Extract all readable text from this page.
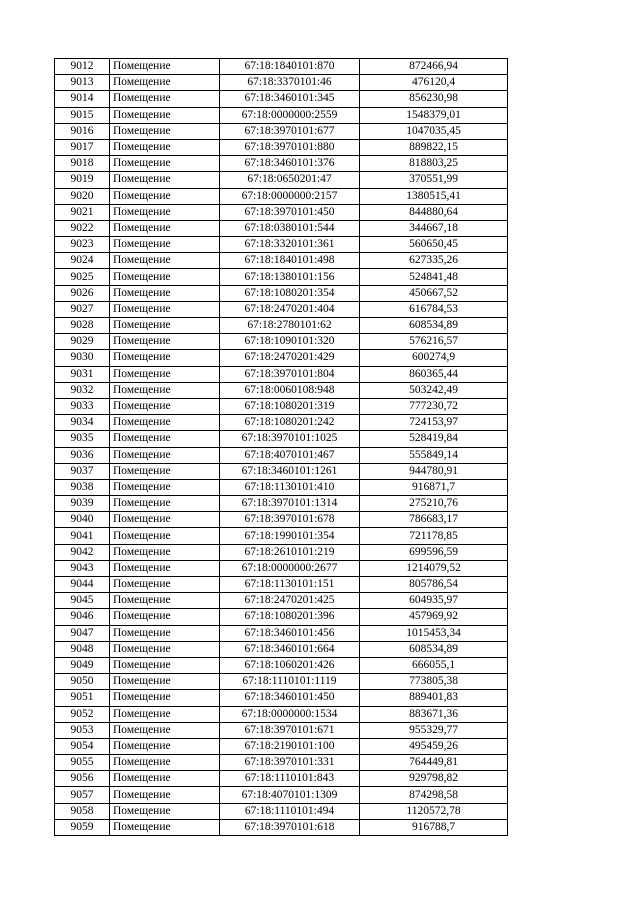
9012	Помещение	67:18:1840101:870	872466,94
9013	Помещение	67:18:3370101:46	476120,4
9014	Помещение	67:18:3460101:345	856230,98
9015	Помещение	67:18:0000000:2559	1548379,01
9016	Помещение	67:18:3970101:677	1047035,45
9017	Помещение	67:18:3970101:880	889822,15
9018	Помещение	67:18:3460101:376	818803,25
9019	Помещение	67:18:0650201:47	370551,99
9020	Помещение	67:18:0000000:2157	1380515,41
9021	Помещение	67:18:3970101:450	844880,64
9022	Помещение	67:18:0380101:544	344667,18
9023	Помещение	67:18:3320101:361	560650,45
9024	Помещение	67:18:1840101:498	627335,26
9025	Помещение	67:18:1380101:156	524841,48
9026	Помещение	67:18:1080201:354	450667,52
9027	Помещение	67:18:2470201:404	616784,53
9028	Помещение	67:18:2780101:62	608534,89
9029	Помещение	67:18:1090101:320	576216,57
9030	Помещение	67:18:2470201:429	600274,9
9031	Помещение	67:18:3970101:804	860365,44
9032	Помещение	67:18:0060108:948	503242,49
9033	Помещение	67:18:1080201:319	777230,72
9034	Помещение	67:18:1080201:242	724153,97
9035	Помещение	67:18:3970101:1025	528419,84
9036	Помещение	67:18:4070101:467	555849,14
9037	Помещение	67:18:3460101:1261	944780,91
9038	Помещение	67:18:1130101:410	916871,7
9039	Помещение	67:18:3970101:1314	275210,76
9040	Помещение	67:18:3970101:678	786683,17
9041	Помещение	67:18:1990101:354	721178,85
9042	Помещение	67:18:2610101:219	699596,59
9043	Помещение	67:18:0000000:2677	1214079,52
9044	Помещение	67:18:1130101:151	805786,54
9045	Помещение	67:18:2470201:425	604935,97
9046	Помещение	67:18:1080201:396	457969,92
9047	Помещение	67:18:3460101:456	1015453,34
9048	Помещение	67:18:3460101:664	608534,89
9049	Помещение	67:18:1060201:426	666055,1
9050	Помещение	67:18:1110101:1119	773805,38
9051	Помещение	67:18:3460101:450	889401,83
9052	Помещение	67:18:0000000:1534	883671,36
9053	Помещение	67:18:3970101:671	955329,77
9054	Помещение	67:18:2190101:100	495459,26
9055	Помещение	67:18:3970101:331	764449,81
9056	Помещение	67:18:1110101:843	929798,82
9057	Помещение	67:18:4070101:1309	874298,58
9058	Помещение	67:18:1110101:494	1120572,78
9059	Помещение	67:18:3970101:618	916788,7
